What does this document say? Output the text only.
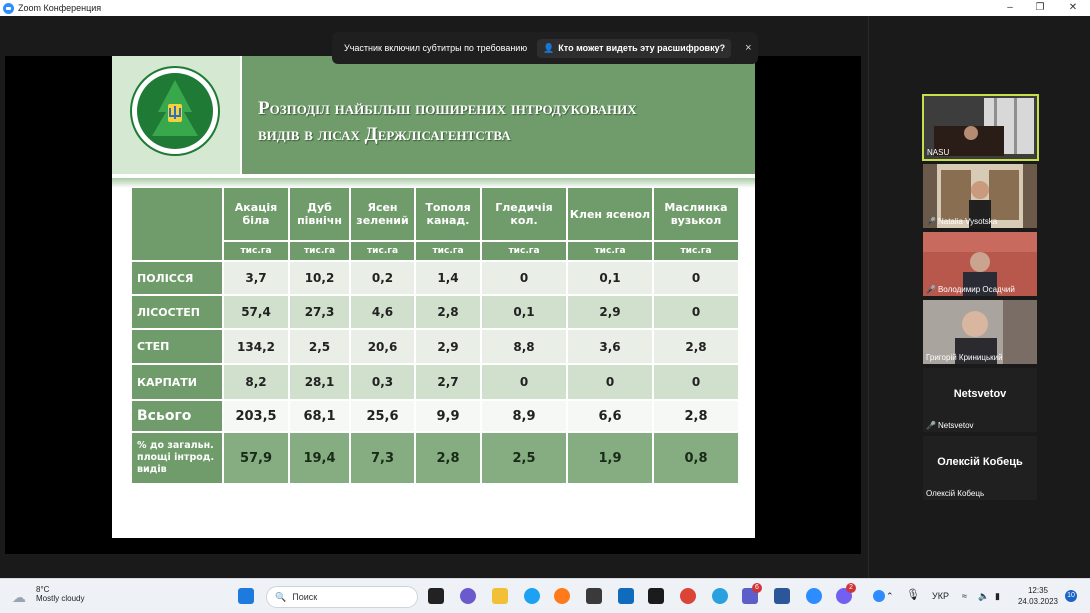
Zoom Конференция	–	❐	✕
Розподіл найбільш поширених інтродукованих
видів в лісах Держлісагентства
	Акація біла	Дуб північн	Ясен зелений	Тополя канад.	Гледичія кол.	Клен ясенол	Маслинка вузькол
	тис.га	тис.га	тис.га	тис.га	тис.га	тис.га	тис.га
ПОЛІССЯ	3,7	10,2	0,2	1,4	0	0,1	0
ЛІСОСТЕП	57,4	27,3	4,6	2,8	0,1	2,9	0
СТЕП	134,2	2,5	20,6	2,9	8,8	3,6	2,8
КАРПАТИ	8,2	28,1	0,3	2,7	0	0	0
Всього	203,5	68,1	25,6	9,9	8,9	6,6	2,8
% до загальн. площі інтрод. видів	57,9	19,4	7,3	2,8	2,5	1,9	0,8
Участник включил субтитры по требованию 👤 Кто может видеть эту расшифровку? ×
NASU
🎤 Natalia Vysotska
🎤 Володимир Осадчий
Григорій Криницький
Netsvetov
🎤 Netsvetov
Олексій Кобець
Олексій Кобець
☁ 8°C
Mostly cloudy	🔍 Поиск
6	2
⌃ 🎙 УКР ≈ 🔈 ▮
12:35
24.03.2023
10
